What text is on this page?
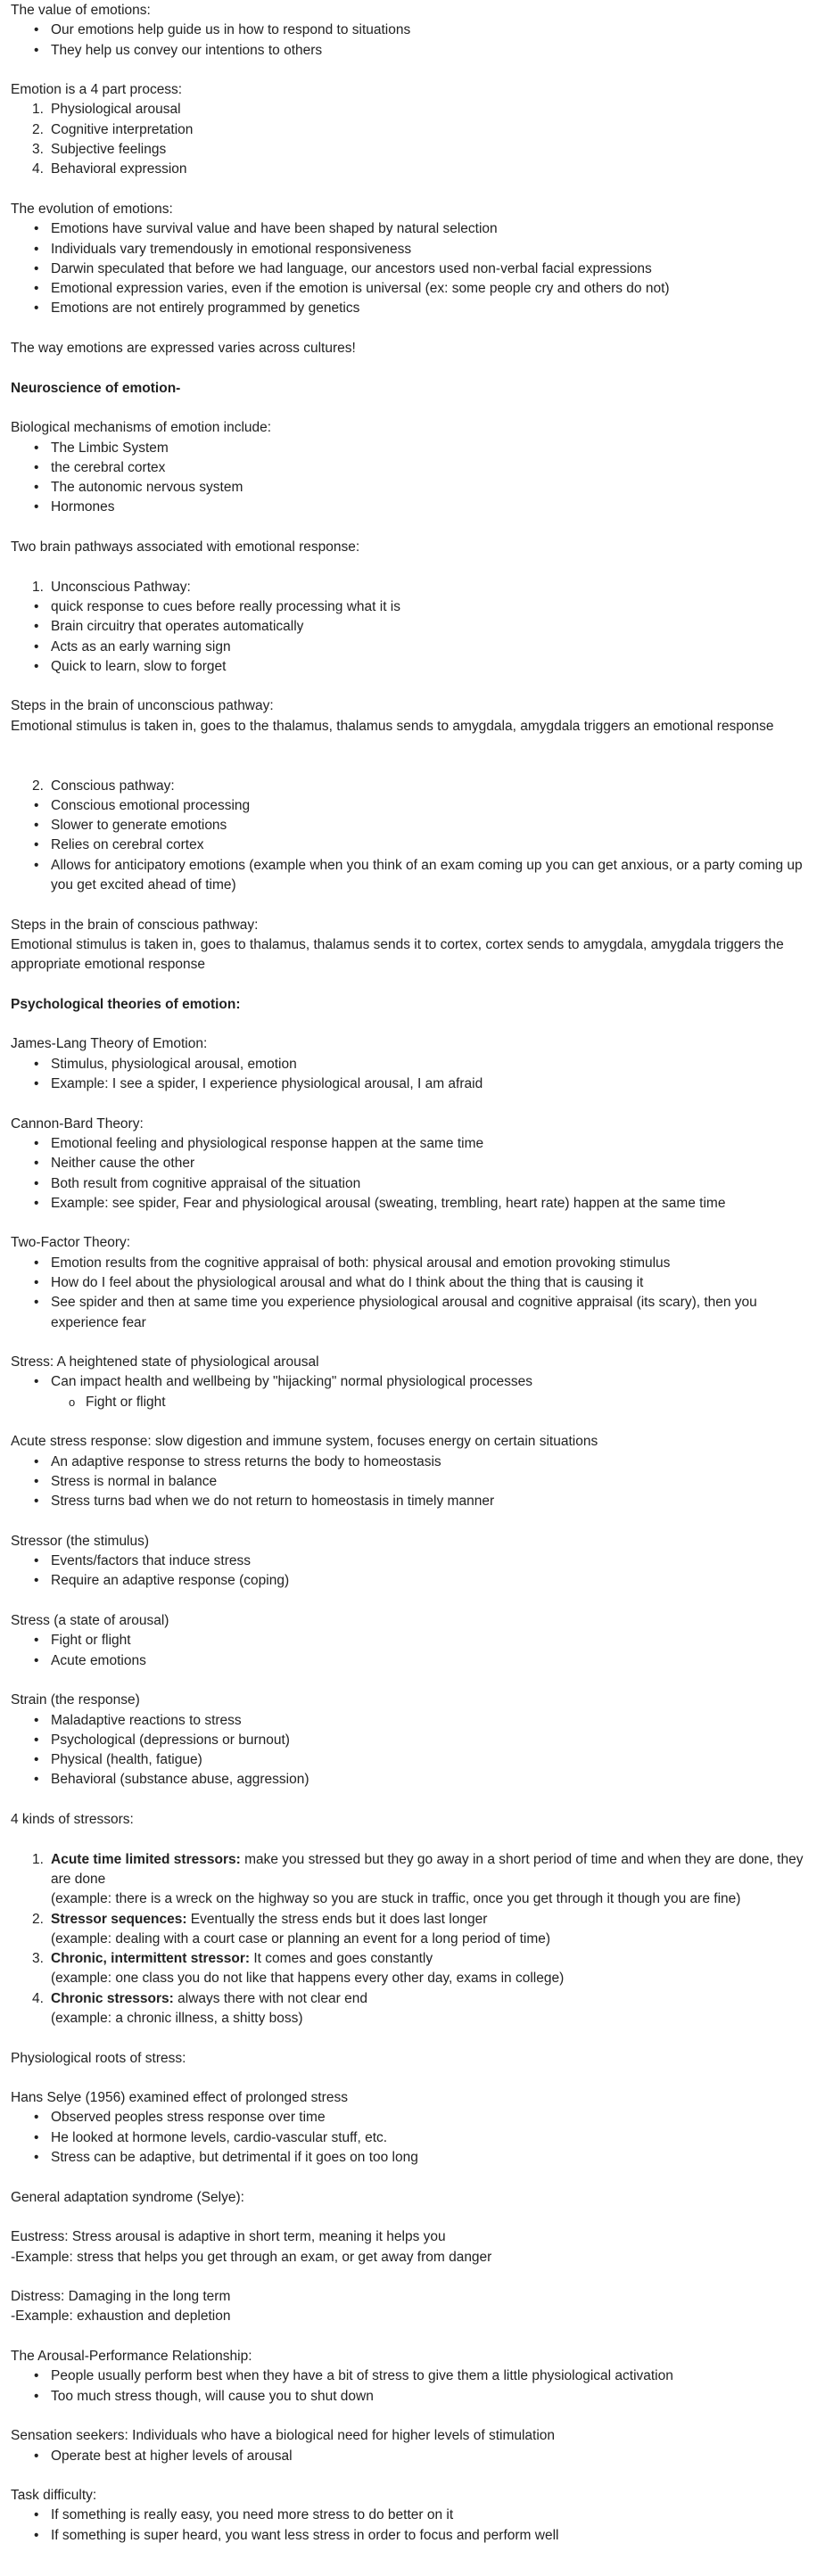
The value of emotions:

• Our emotions help guide us in how to respond to situations
• They help us convey our intentions to others

Emotion is a 4 part process:

1. Physiological arousal
2. Cognitive interpretation
3. Subjective feelings
4. Behavioral expression

The evolution of emotions:

• Emotions have survival value and have been shaped by natural selection
• Individuals vary tremendously in emotional responsiveness
• Darwin speculated that before we had language, our ancestors used non-verbal facial expressions
• Emotional expression varies, even if the emotion is universal (ex: some people cry and others do not)
• Emotions are not entirely programmed by genetics

The way emotions are expressed varies across cultures!

Neuroscience of emotion-

Biological mechanisms of emotion include:

• The Limbic System
• the cerebral cortex
• The autonomic nervous system
• Hormones

Two brain pathways associated with emotional response:

1. Unconscious Pathway:
• quick response to cues before really processing what it is
• Brain circuitry that operates automatically
• Acts as an early warning sign
• Quick to learn, slow to forget

Steps in the brain of unconscious pathway:

Emotional stimulus is taken in, goes to the thalamus, thalamus sends to amygdala, amygdala triggers an emotional response

2. Conscious pathway:
• Conscious emotional processing
• Slower to generate emotions
• Relies on cerebral cortex
• Allows for anticipatory emotions (example when you think of an exam coming up you can get anxious, or a party coming up you get excited ahead of time)

Steps in the brain of conscious pathway:

Emotional stimulus is taken in, goes to thalamus, thalamus sends it to cortex, cortex sends to amygdala, amygdala triggers the appropriate emotional response

Psychological theories of emotion:

James-Lang Theory of Emotion:

• Stimulus, physiological arousal, emotion
• Example: I see a spider, I experience physiological arousal, I am afraid

Cannon-Bard Theory:

• Emotional feeling and physiological response happen at the same time
• Neither cause the other
• Both result from cognitive appraisal of the situation
• Example: see spider, Fear and physiological arousal (sweating, trembling, heart rate) happen at the same time

Two-Factor Theory:

• Emotion results from the cognitive appraisal of both: physical arousal and emotion provoking stimulus
• How do I feel about the physiological arousal and what do I think about the thing that is causing it
• See spider and then at same time you experience physiological arousal and cognitive appraisal (its scary), then you experience fear

Stress: A heightened state of physiological arousal

• Can impact health and wellbeing by "hijacking" normal physiological processes
o Fight or flight

Acute stress response: slow digestion and immune system, focuses energy on certain situations

• An adaptive response to stress returns the body to homeostasis
• Stress is normal in balance
• Stress turns bad when we do not return to homeostasis in timely manner

Stressor (the stimulus)

• Events/factors that induce stress
• Require an adaptive response (coping)

Stress (a state of arousal)

• Fight or flight
• Acute emotions

Strain (the response)

• Maladaptive reactions to stress
• Psychological (depressions or burnout)
• Physical (health, fatigue)
• Behavioral (substance abuse, aggression)

4 kinds of stressors:

1. Acute time limited stressors: make you stressed but they go away in a short period of time and when they are done, they are done
(example: there is a wreck on the highway so you are stuck in traffic, once you get through it though you are fine)
2. Stressor sequences: Eventually the stress ends but it does last longer
(example: dealing with a court case or planning an event for a long period of time)
3. Chronic, intermittent stressor: It comes and goes constantly
(example: one class you do not like that happens every other day, exams in college)
4. Chronic stressors: always there with not clear end
(example: a chronic illness, a shitty boss)

Physiological roots of stress:

Hans Selye (1956) examined effect of prolonged stress

• Observed peoples stress response over time
• He looked at hormone levels, cardio-vascular stuff, etc.
• Stress can be adaptive, but detrimental if it goes on too long

General adaptation syndrome (Selye):

Eustress: Stress arousal is adaptive in short term, meaning it helps you

-Example: stress that helps you get through an exam, or get away from danger

Distress: Damaging in the long term

-Example: exhaustion and depletion

The Arousal-Performance Relationship:

• People usually perform best when they have a bit of stress to give them a little physiological activation
• Too much stress though, will cause you to shut down

Sensation seekers: Individuals who have a biological need for higher levels of stimulation

• Operate best at higher levels of arousal

Task difficulty:

• If something is really easy, you need more stress to do better on it
• If something is super heard, you want less stress in order to focus and perform well
